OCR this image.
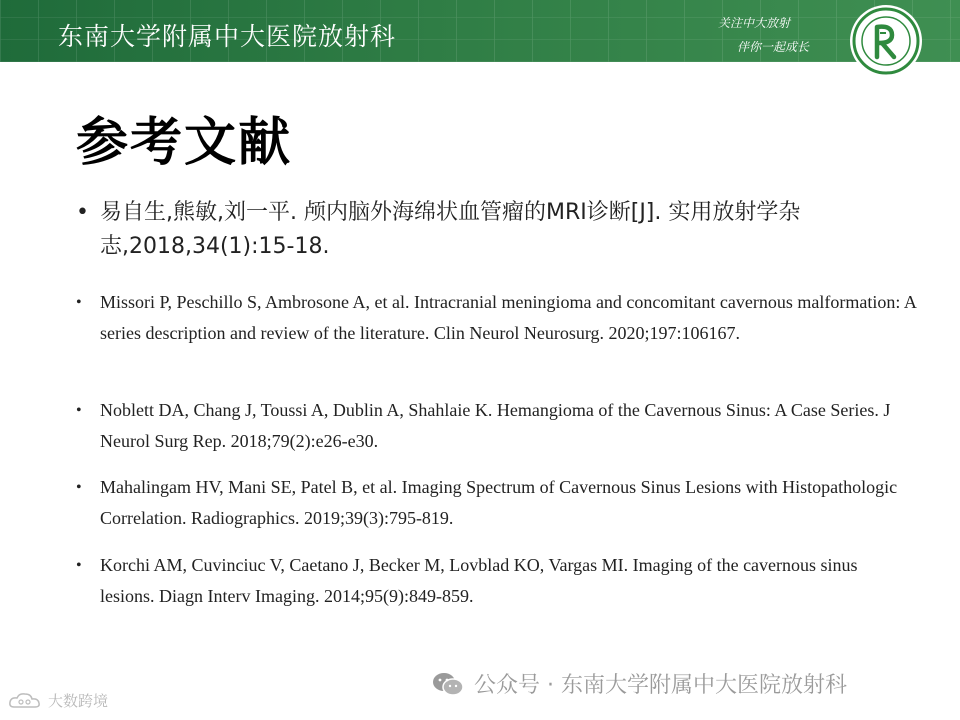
东南大学附属中大医院放射科	关注中大放射
伴你一起成长
参考文献
• 易自生,熊敏,刘一平. 颅内脑外海绵状血管瘤的MRI诊断[J]. 实用放射学杂志,2018,34(1):15-18.
•	Missori P, Peschillo S, Ambrosone A, et al. Intracranial meningioma and concomitant cavernous malformation: A series description and review of the literature. Clin Neurol Neurosurg. 2020;197:106167.
•	Noblett DA, Chang J, Toussi A, Dublin A, Shahlaie K. Hemangioma of the Cavernous Sinus: A Case Series. J Neurol Surg Rep. 2018;79(2):e26-e30.
•	Mahalingam HV, Mani SE, Patel B, et al. Imaging Spectrum of Cavernous Sinus Lesions with Histopathologic Correlation. Radiographics. 2019;39(3):795-819.
•	Korchi AM, Cuvinciuc V, Caetano J, Becker M, Lovblad KO, Vargas MI. Imaging of the cavernous sinus lesions. Diagn Interv Imaging. 2014;95(9):849-859.
公众号 · 东南大学附属中大医院放射科
大数跨境
